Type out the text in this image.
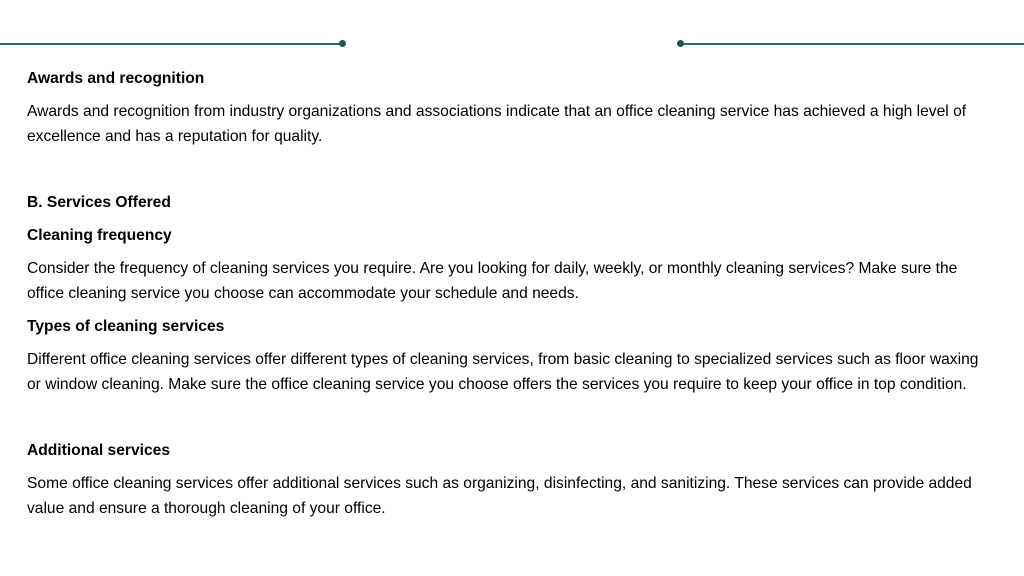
Awards and recognition

Awards and recognition from industry organizations and associations indicate that an office cleaning service has achieved a high level of excellence and has a reputation for quality.

B. Services Offered

Cleaning frequency

Consider the frequency of cleaning services you require. Are you looking for daily, weekly, or monthly cleaning services? Make sure the office cleaning service you choose can accommodate your schedule and needs.

Types of cleaning services

Different office cleaning services offer different types of cleaning services, from basic cleaning to specialized services such as floor waxing or window cleaning. Make sure the office cleaning service you choose offers the services you require to keep your office in top condition.

Additional services

Some office cleaning services offer additional services such as organizing, disinfecting, and sanitizing. These services can provide added value and ensure a thorough cleaning of your office.
